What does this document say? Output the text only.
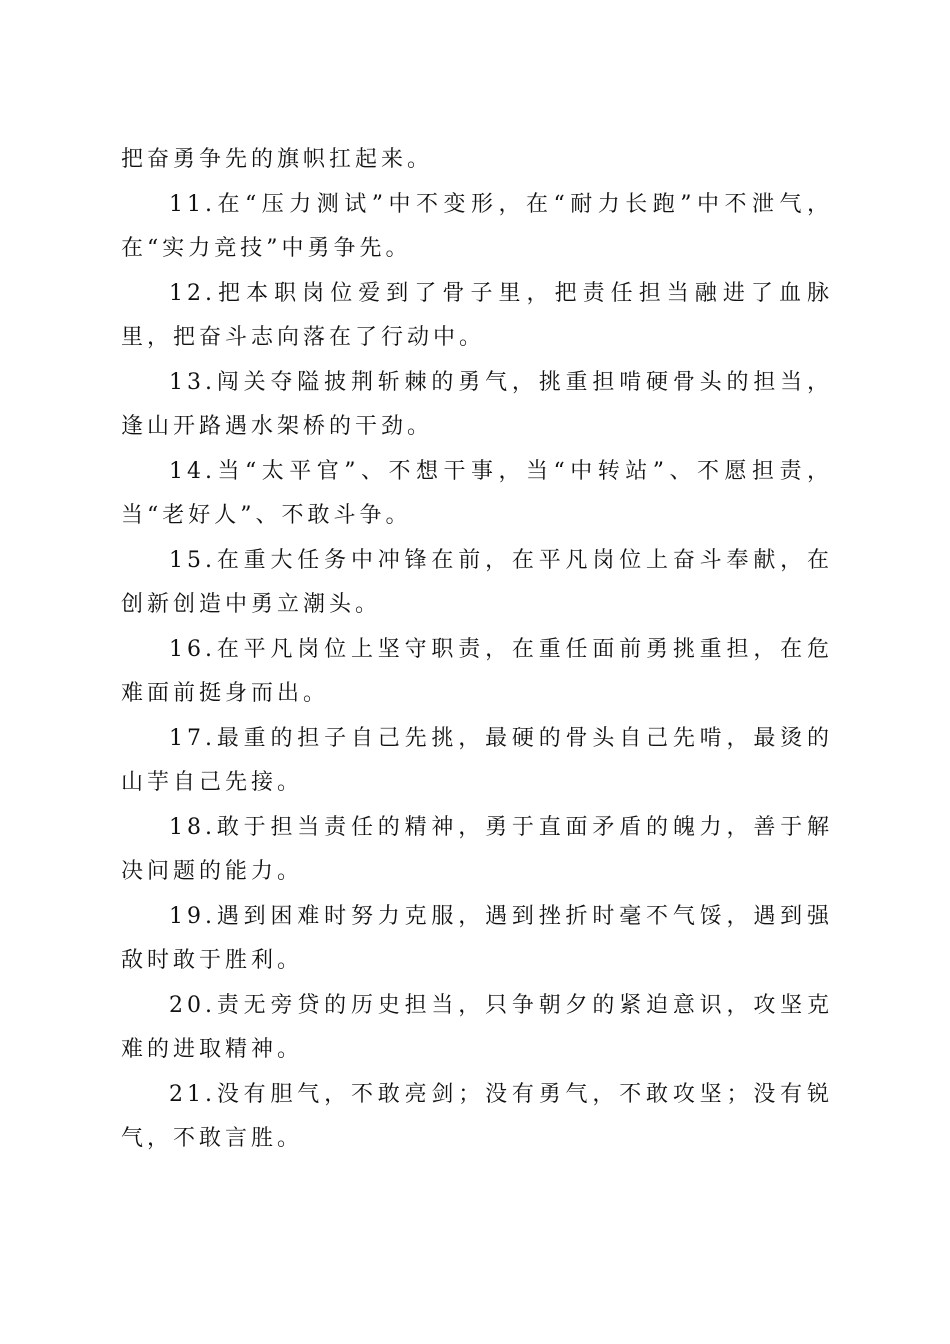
把奋勇争先的旗帜扛起来。

11.在“压力测试”中不变形，在“耐力长跑”中不泄气，在“实力竞技”中勇争先。

12.把本职岗位爱到了骨子里，把责任担当融进了血脉里，把奋斗志向落在了行动中。

13.闯关夺隘披荆斩棘的勇气，挑重担啃硬骨头的担当，逢山开路遇水架桥的干劲。

14.当“太平官”、不想干事，当“中转站”、不愿担责，当“老好人”、不敢斗争。

15.在重大任务中冲锋在前，在平凡岗位上奋斗奉献，在创新创造中勇立潮头。

16.在平凡岗位上坚守职责，在重任面前勇挑重担，在危难面前挺身而出。

17.最重的担子自己先挑，最硬的骨头自己先啃，最烫的山芋自己先接。

18.敢于担当责任的精神，勇于直面矛盾的魄力，善于解决问题的能力。

19.遇到困难时努力克服，遇到挫折时毫不气馁，遇到强敌时敢于胜利。

20.责无旁贷的历史担当，只争朝夕的紧迫意识，攻坚克难的进取精神。

21.没有胆气，不敢亮剑；没有勇气，不敢攻坚；没有锐气，不敢言胜。
